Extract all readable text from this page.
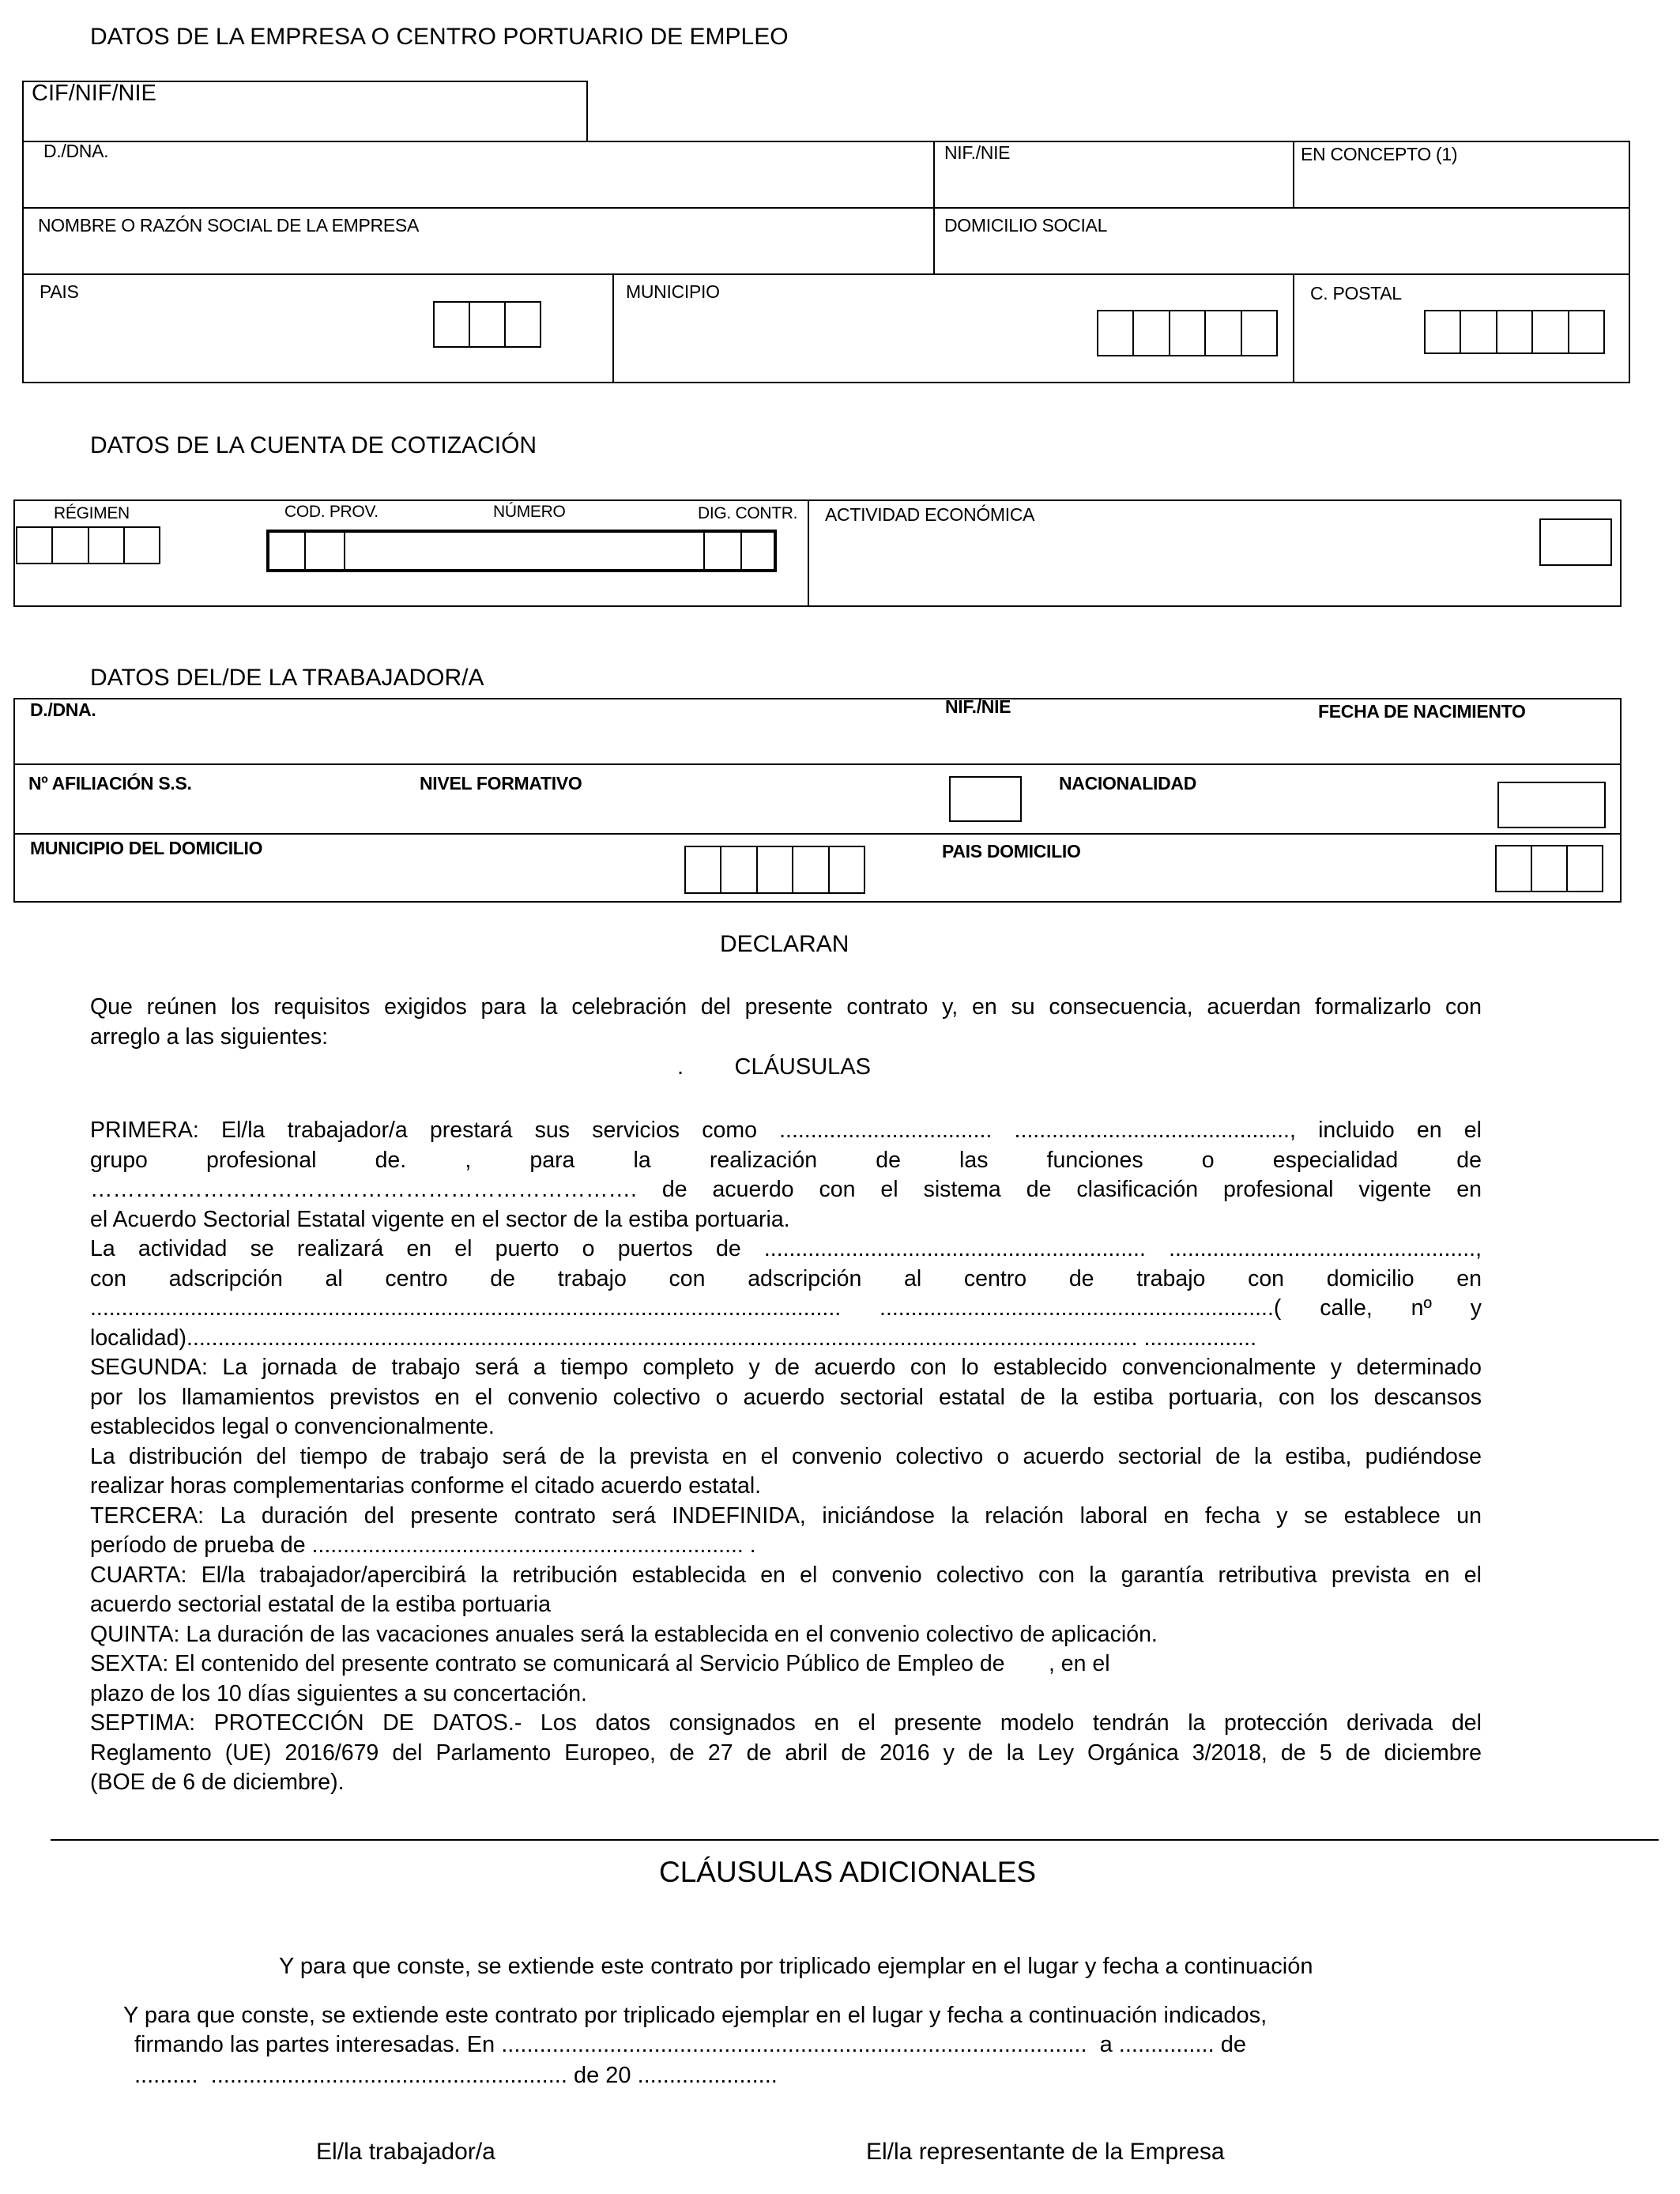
DATOS DE LA EMPRESA O CENTRO PORTUARIO DE EMPLEO
CIF/NIF/NIE
D./DNA.	NIF./NIE	EN CONCEPTO (1)
NOMBRE O RAZÓN SOCIAL DE LA EMPRESA	DOMICILIO SOCIAL
PAIS	MUNICIPIO	C. POSTAL
DATOS DE LA CUENTA DE COTIZACIÓN
RÉGIMEN	COD. PROV.	NÚMERO	DIG. CONTR. ACTIVIDAD ECONÓMICA
DATOS DEL/DE LA TRABAJADOR/A
D./DNA.	NIF./NIE	FECHA DE NACIMIENTO
Nº AFILIACIÓN S.S.	NIVEL FORMATIVO	NACIONALIDAD
MUNICIPIO DEL DOMICILIO	PAIS DOMICILIO
DECLARAN
Que reúnen los requisitos exigidos para la celebración del presente contrato y, en su consecuencia, acuerdan formalizarlo con
arreglo a las siguientes:
.        CLÁUSULAS
PRIMERA: El/la trabajador/a prestará sus servicios como .................................. ............................................, incluido en el
grupo profesional de. , para la realización de las funciones o especialidad de
………………………………………………………………. de acuerdo con el sistema de clasificación profesional vigente en
el Acuerdo Sectorial Estatal vigente en el sector de la estiba portuaria.
La actividad se realizará en el puerto o puertos de ............................................................. .................................................,
con adscripción al centro de trabajo con adscripción al centro de trabajo con domicilio en
........................................................................................................................ ...............................................................( calle, nº y
localidad)........................................................................................................................................................ ..................
SEGUNDA: La jornada de trabajo será a tiempo completo y de acuerdo con lo establecido convencionalmente y determinado
por los llamamientos previstos en el convenio colectivo o acuerdo sectorial estatal de la estiba portuaria, con los descansos
establecidos legal o convencionalmente.
La distribución del tiempo de trabajo será de la prevista en el convenio colectivo o acuerdo sectorial de la estiba, pudiéndose
realizar horas complementarias conforme el citado acuerdo estatal.
TERCERA: La duración del presente contrato será INDEFINIDA, iniciándose la relación laboral en fecha y se establece un
período de prueba de ..................................................................... .
CUARTA: El/la trabajador/apercibirá la retribución establecida en el convenio colectivo con la garantía retributiva prevista en el
acuerdo sectorial estatal de la estiba portuaria
QUINTA: La duración de las vacaciones anuales será la establecida en el convenio colectivo de aplicación.
SEXTA: El contenido del presente contrato se comunicará al Servicio Público de Empleo de       , en el
plazo de los 10 días siguientes a su concertación.
SEPTIMA: PROTECCIÓN DE DATOS.- Los datos consignados en el presente modelo tendrán la protección derivada del
Reglamento (UE) 2016/679 del Parlamento Europeo, de 27 de abril de 2016 y de la Ley Orgánica 3/2018, de 5 de diciembre
(BOE de 6 de diciembre).
CLÁUSULAS ADICIONALES
Y para que conste, se extiende este contrato por triplicado ejemplar en el lugar y fecha a continuación
Y para que conste, se extiende este contrato por triplicado ejemplar en el lugar y fecha a continuación indicados,
firmando las partes interesadas. En ............................................................................................  a ............... de
..........  ........................................................ de 20 ......................
El/la trabajador/a	El/la representante de la Empresa
